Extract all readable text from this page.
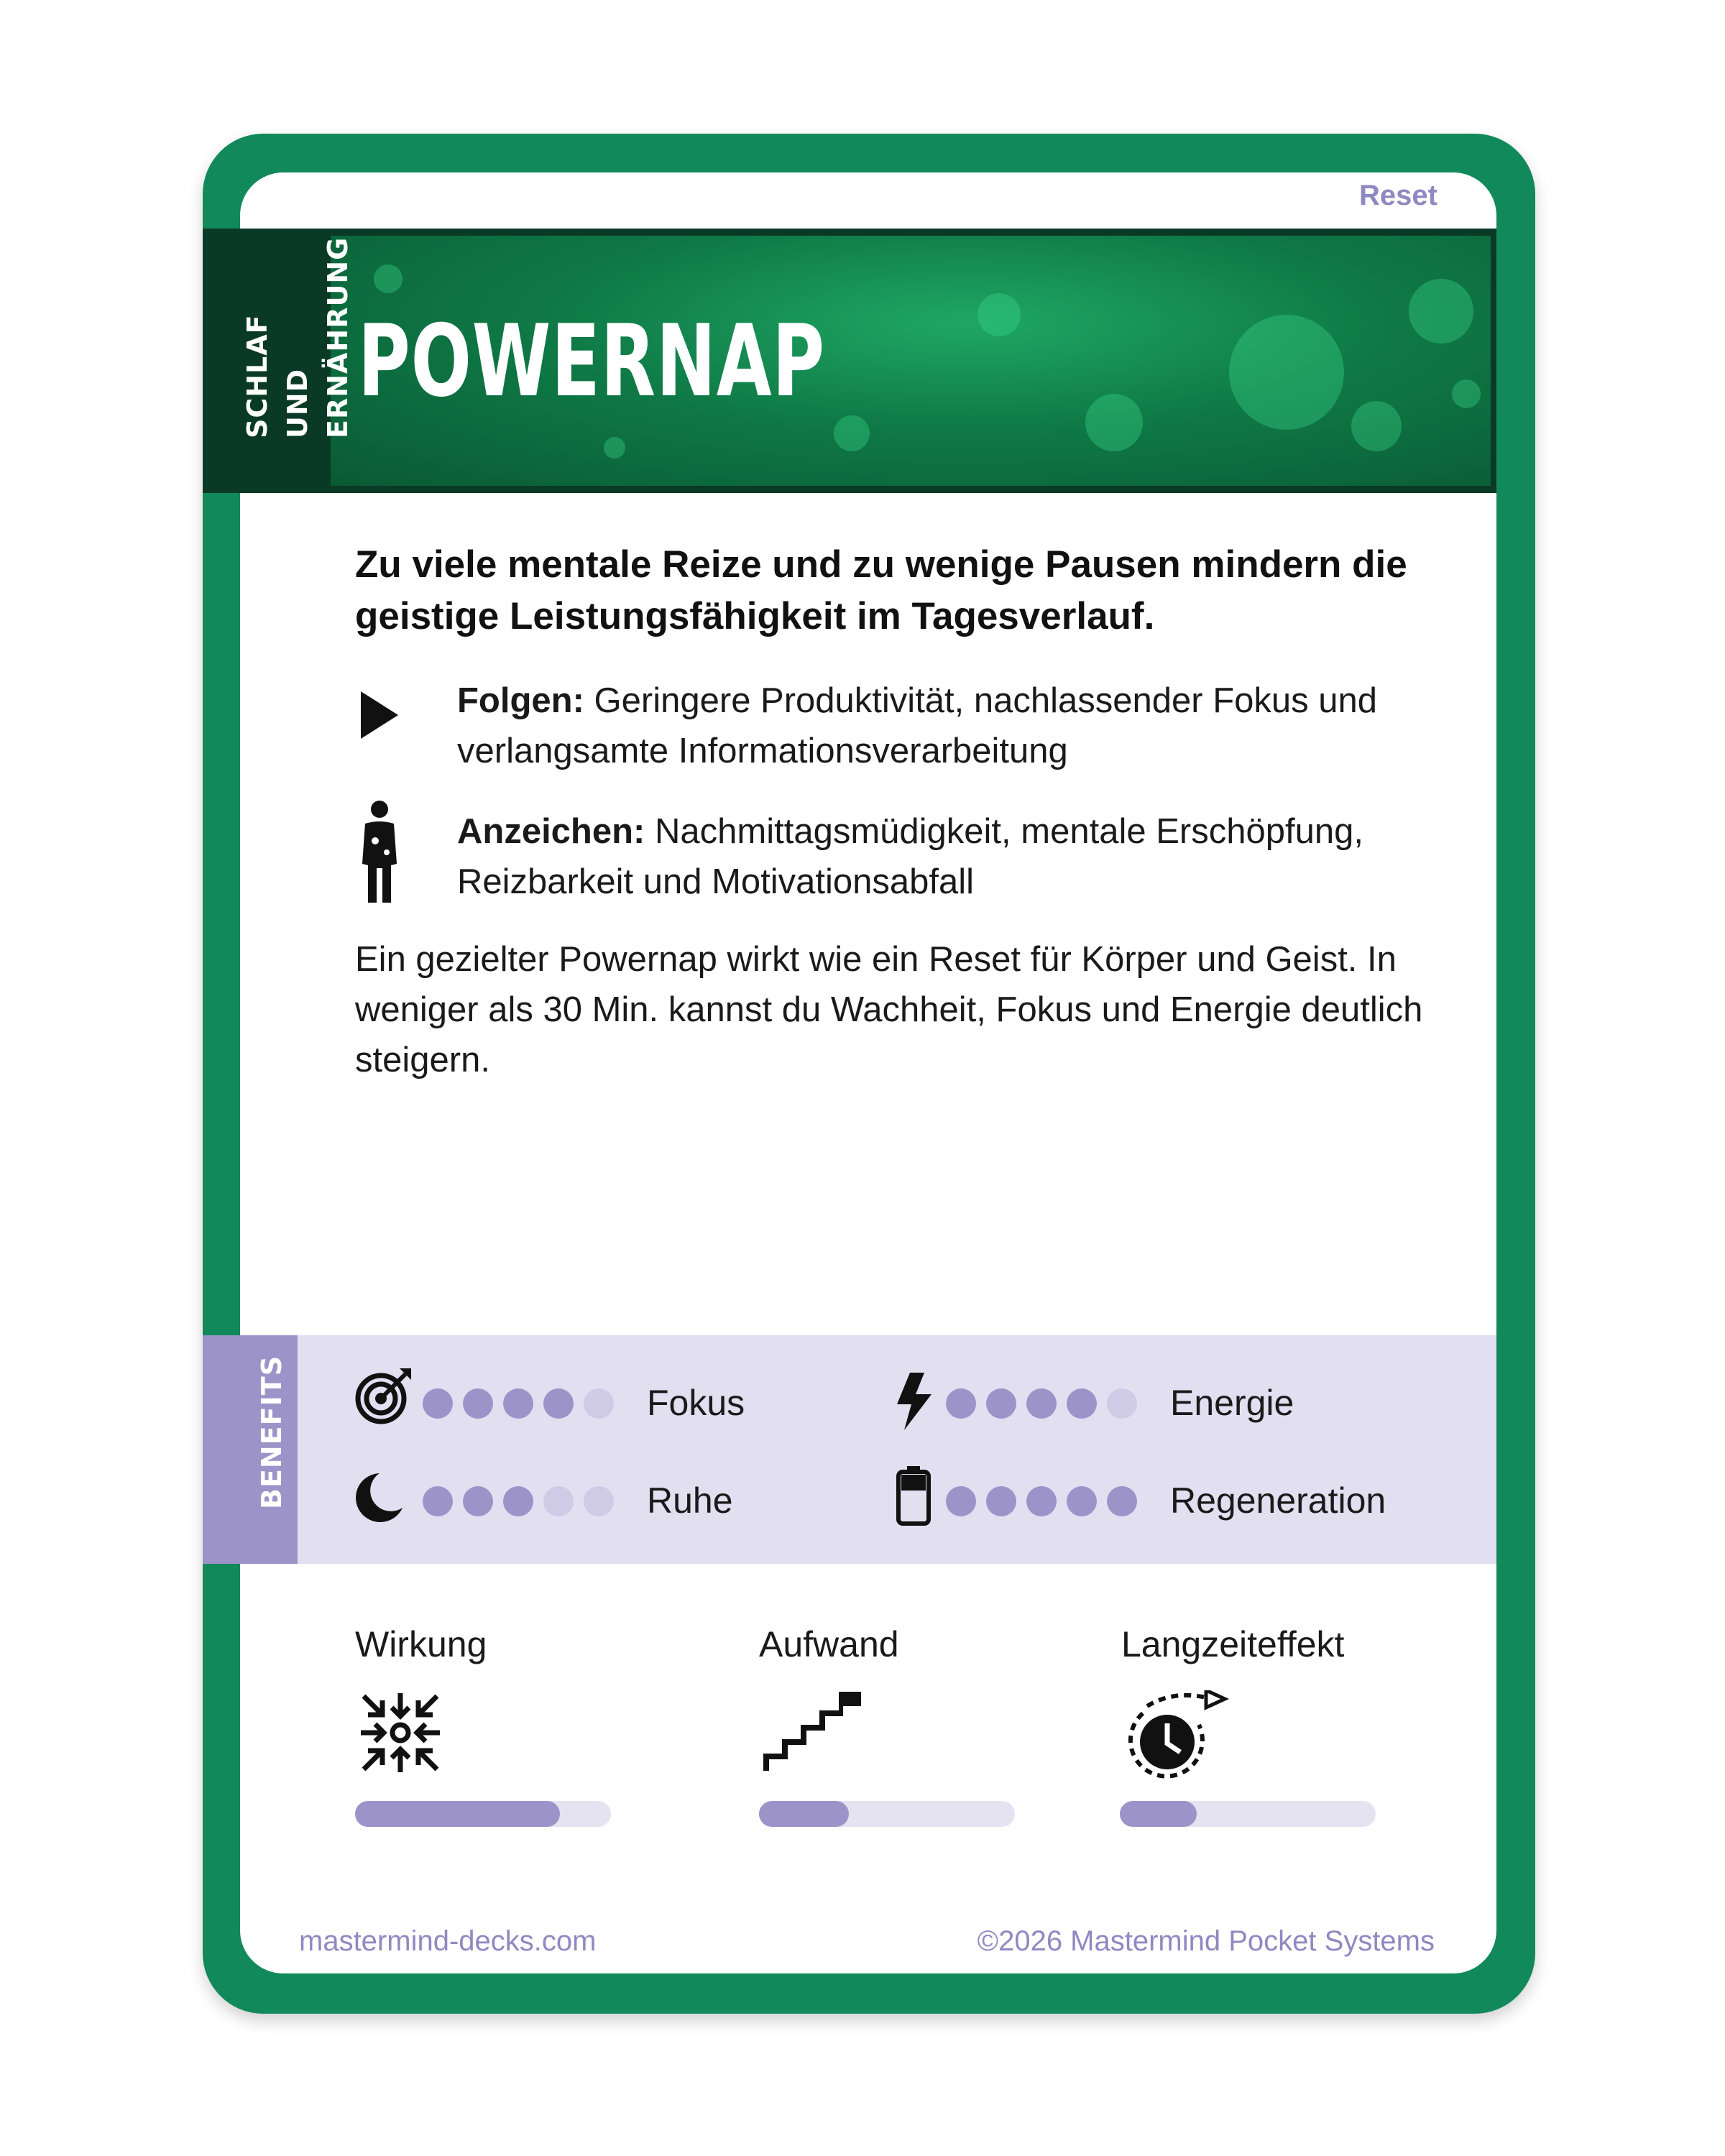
Reset
SCHLAF UND ERNÄHRUNG POWERNAP
Zu viele mentale Reize und zu wenige Pausen mindern die geistige Leistungsfähigkeit im Tagesverlauf.
Folgen: Geringere Produktivität, nachlassender Fokus und verlangsamte Informationsverarbeitung
Anzeichen: Nachmittagsmüdigkeit, mentale Erschöpfung, Reizbarkeit und Motivationsabfall
Ein gezielter Powernap wirkt wie ein Reset für Körper und Geist. In weniger als 30 Min. kannst du Wachheit, Fokus und Energie deutlich steigern.
BENEFITS	Fokus	Energie
Ruhe	Regeneration
Wirkung	Aufwand	Langzeiteffekt
mastermind-decks.com	©2026 Mastermind Pocket Systems
